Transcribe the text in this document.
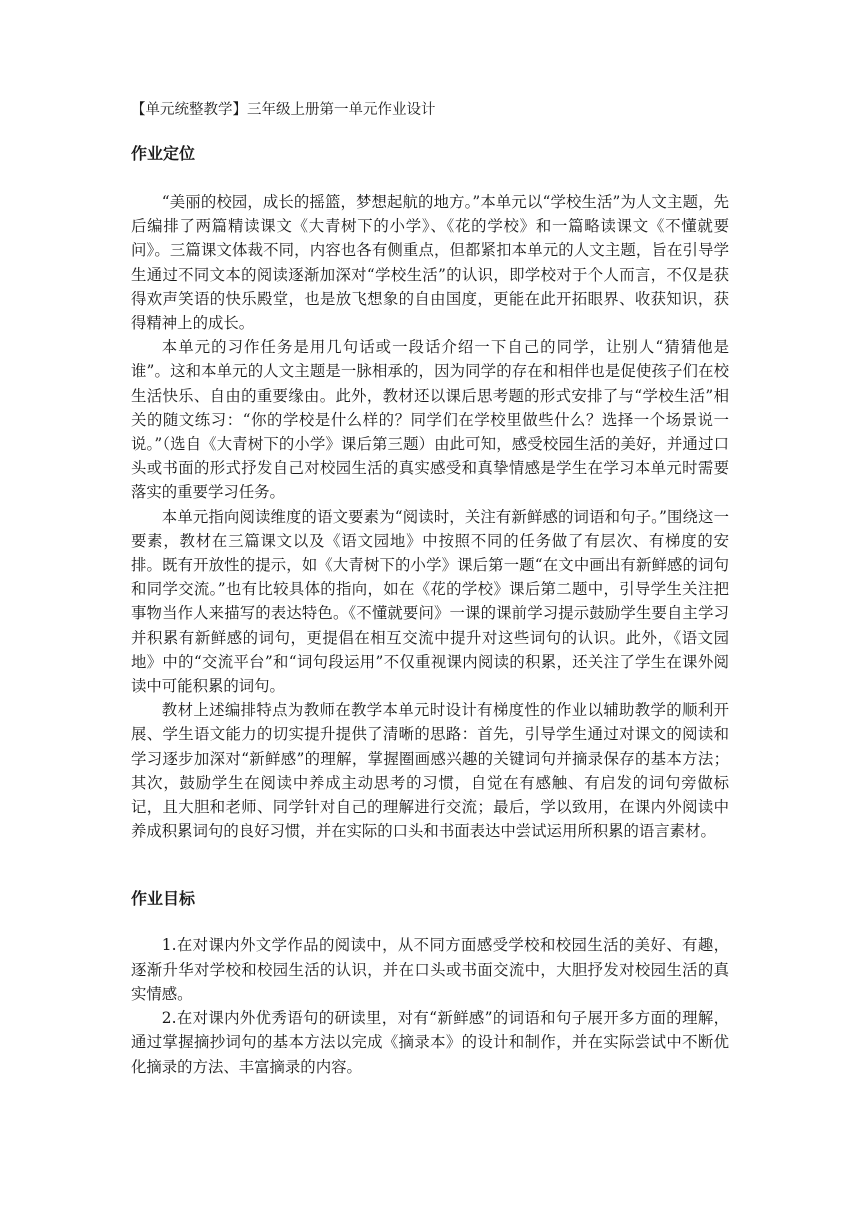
【单元统整教学】三年级上册第一单元作业设计
作业定位

“美丽的校园，成长的摇篮，梦想起航的地方。”本单元以“学校生活”为人文主题，先后编排了两篇精读课文《大青树下的小学》、《花的学校》和一篇略读课文《不懂就要问》。三篇课文体裁不同，内容也各有侧重点，但都紧扣本单元的人文主题，旨在引导学生通过不同文本的阅读逐渐加深对“学校生活”的认识，即学校对于个人而言，不仅是获得欢声笑语的快乐殿堂，也是放飞想象的自由国度，更能在此开拓眼界、收获知识，获得精神上的成长。

本单元的习作任务是用几句话或一段话介绍一下自己的同学，让别人“猜猜他是谁”。这和本单元的人文主题是一脉相承的，因为同学的存在和相伴也是促使孩子们在校生活快乐、自由的重要缘由。此外，教材还以课后思考题的形式安排了与“学校生活”相关的随文练习：“你的学校是什么样的？同学们在学校里做些什么？选择一个场景说一说。”（选自《大青树下的小学》课后第三题）由此可知，感受校园生活的美好，并通过口头或书面的形式抒发自己对校园生活的真实感受和真挚情感是学生在学习本单元时需要落实的重要学习任务。

本单元指向阅读维度的语文要素为“阅读时，关注有新鲜感的词语和句子。”围绕这一要素，教材在三篇课文以及《语文园地》中按照不同的任务做了有层次、有梯度的安排。既有开放性的提示，如《大青树下的小学》课后第一题“在文中画出有新鲜感的词句和同学交流。”也有比较具体的指向，如在《花的学校》课后第二题中，引导学生关注把事物当作人来描写的表达特色。《不懂就要问》一课的课前学习提示鼓励学生要自主学习并积累有新鲜感的词句，更提倡在相互交流中提升对这些词句的认识。此外，《语文园地》中的“交流平台”和“词句段运用”不仅重视课内阅读的积累，还关注了学生在课外阅读中可能积累的词句。

教材上述编排特点为教师在教学本单元时设计有梯度性的作业以辅助教学的顺利开展、学生语文能力的切实提升提供了清晰的思路：首先，引导学生通过对课文的阅读和学习逐步加深对“新鲜感”的理解，掌握圈画感兴趣的关键词句并摘录保存的基本方法；其次，鼓励学生在阅读中养成主动思考的习惯，自觉在有感触、有启发的词句旁做标记，且大胆和老师、同学针对自己的理解进行交流；最后，学以致用，在课内外阅读中养成积累词句的良好习惯，并在实际的口头和书面表达中尝试运用所积累的语言素材。

作业目标

1.在对课内外文学作品的阅读中，从不同方面感受学校和校园生活的美好、有趣，逐渐升华对学校和校园生活的认识，并在口头或书面交流中，大胆抒发对校园生活的真实情感。

2.在对课内外优秀语句的研读里，对有“新鲜感”的词语和句子展开多方面的理解，通过掌握摘抄词句的基本方法以完成《摘录本》的设计和制作，并在实际尝试中不断优化摘录的方法、丰富摘录的内容。
